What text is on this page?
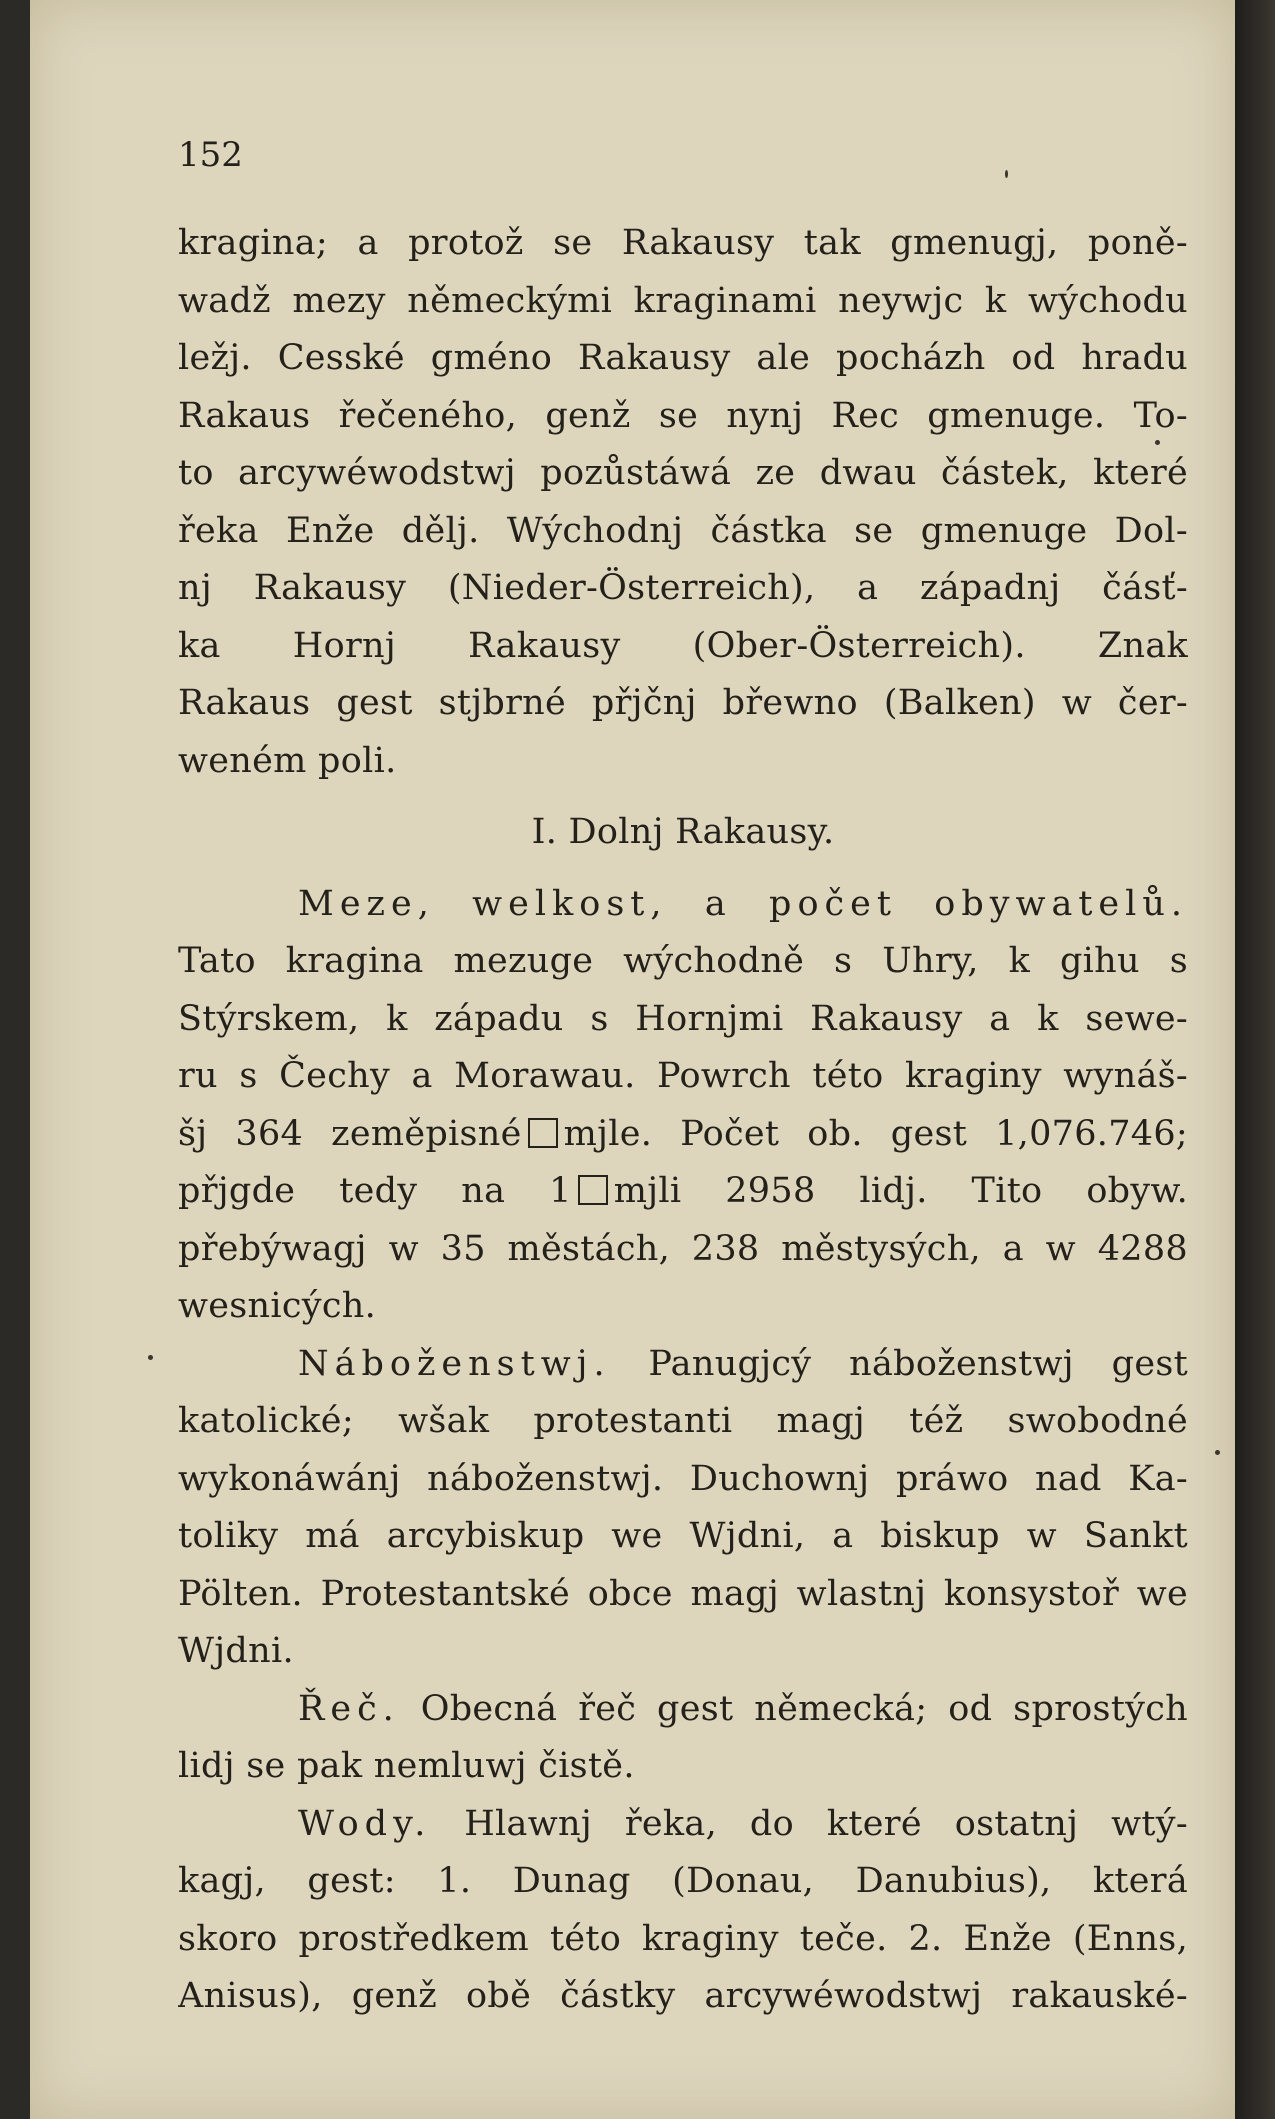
152
kragina; a protož se Rakausy tak gmenugj, poně-
wadž mezy německými kraginami neywjc k wýchodu
ležj. Cesské gméno Rakausy ale pocházh od hradu
Rakaus řečeného, genž se nynj Rec gmenuge. To-
to arcywéwodstwj pozůstáwá ze dwau částek, které
řeka Enže dělj. Wýchodnj částka se gmenuge Dol-
nj Rakausy (Nieder-Österreich), a západnj čásť-
ka Hornj Rakausy (Ober-Österreich). Znak
Rakaus gest stjbrné přjčnj břewno (Balken) w čer-
weném poli.
I. Dolnj Rakausy.
Meze, welkost, a počet obywatelů.
Tato kragina mezuge wýchodně s Uhry, k gihu s
Stýrskem, k západu s Hornjmi Rakausy a k sewe-
ru s Čechy a Morawau. Powrch této kraginy wynáš-
šj 364 zeměpisné mjle. Počet ob. gest 1,076.746;
přjgde tedy na 1 mjli 2958 lidj. Tito obyw.
přebýwagj w 35 městách, 238 městysých, a w 4288
wesnicých.
Náboženstwj. Panugjcý náboženstwj gest
katolické; wšak protestanti magj též swobodné
wykonáwánj náboženstwj. Duchownj práwo nad Ka-
toliky má arcybiskup we Wjdni, a biskup w Sankt
Pölten. Protestantské obce magj wlastnj konsystoř we
Wjdni.
Řeč. Obecná řeč gest německá; od sprostých
lidj se pak nemluwj čistě.
Wody. Hlawnj řeka, do které ostatnj wtý-
kagj, gest: 1. Dunag (Donau, Danubius), která
skoro prostředkem této kraginy teče. 2. Enže (Enns,
Anisus), genž obě částky arcywéwodstwj rakauské-
